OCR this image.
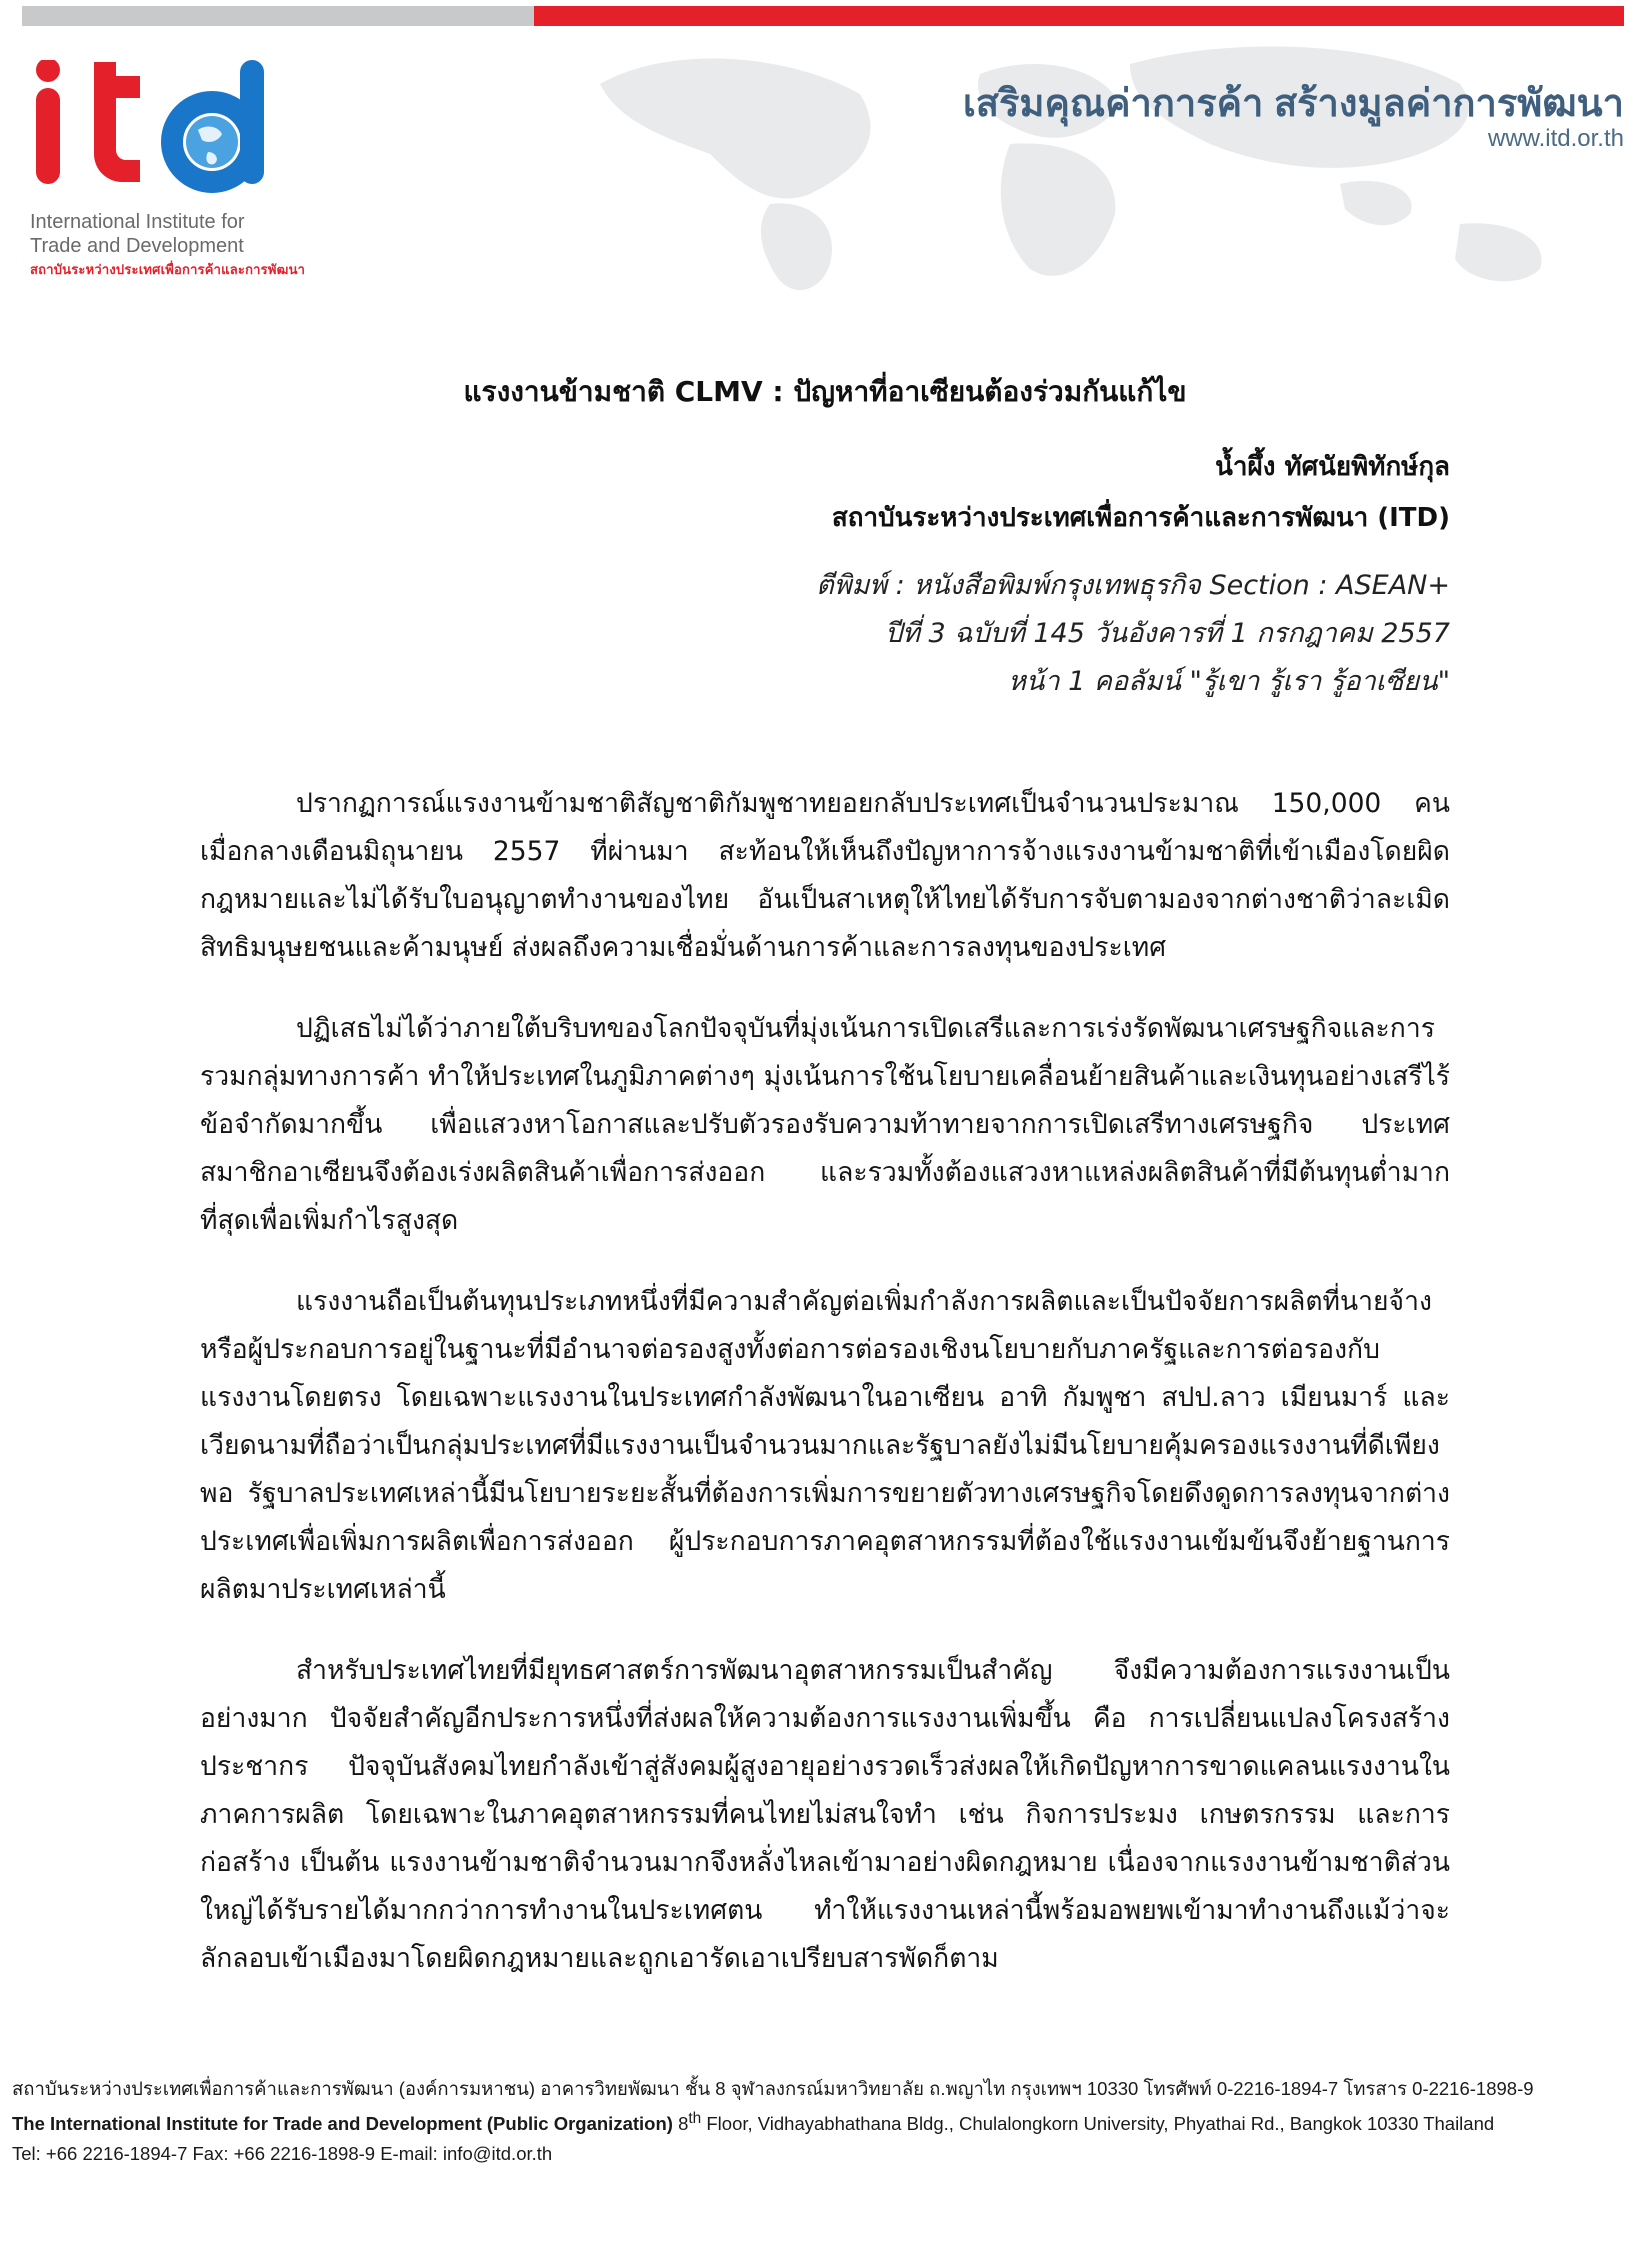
International Institute for
Trade and Development
สถาบันระหว่างประเทศเพื่อการค้าและการพัฒนา
เสริมคุณค่าการค้า สร้างมูลค่าการพัฒนา
www.itd.or.th
แรงงานข้ามชาติ CLMV : ปัญหาที่อาเซียนต้องร่วมกันแก้ไข
น้ำผึ้ง ทัศนัยพิทักษ์กุล
สถาบันระหว่างประเทศเพื่อการค้าและการพัฒนา (ITD)
ตีพิมพ์ : หนังสือพิมพ์กรุงเทพธุรกิจ Section : ASEAN+
ปีที่ 3 ฉบับที่ 145 วันอังคารที่ 1 กรกฎาคม 2557
หน้า 1 คอลัมน์ "รู้เขา รู้เรา รู้อาเซียน"

ปรากฏการณ์แรงงานข้ามชาติสัญชาติกัมพูชาทยอยกลับประเทศเป็นจำนวนประมาณ 150,000 คน เมื่อกลางเดือนมิถุนายน 2557 ที่ผ่านมา สะท้อนให้เห็นถึงปัญหาการจ้างแรงงานข้ามชาติที่เข้าเมืองโดยผิดกฎหมายและไม่ได้รับใบอนุญาตทำงานของไทย อันเป็นสาเหตุให้ไทยได้รับการจับตามองจากต่างชาติว่าละเมิดสิทธิมนุษยชนและค้ามนุษย์ ส่งผลถึงความเชื่อมั่นด้านการค้าและการลงทุนของประเทศ

ปฏิเสธไม่ได้ว่าภายใต้บริบทของโลกปัจจุบันที่มุ่งเน้นการเปิดเสรีและการเร่งรัดพัฒนาเศรษฐกิจและการรวมกลุ่มทางการค้า ทำให้ประเทศในภูมิภาคต่างๆ มุ่งเน้นการใช้นโยบายเคลื่อนย้ายสินค้าและเงินทุนอย่างเสรีไร้ข้อจำกัดมากขึ้น เพื่อแสวงหาโอกาสและปรับตัวรองรับความท้าทายจากการเปิดเสรีทางเศรษฐกิจ ประเทศสมาชิกอาเซียนจึงต้องเร่งผลิตสินค้าเพื่อการส่งออก และรวมทั้งต้องแสวงหาแหล่งผลิตสินค้าที่มีต้นทุนต่ำมากที่สุดเพื่อเพิ่มกำไรสูงสุด

แรงงานถือเป็นต้นทุนประเภทหนึ่งที่มีความสำคัญต่อเพิ่มกำลังการผลิตและเป็นปัจจัยการผลิตที่นายจ้างหรือผู้ประกอบการอยู่ในฐานะที่มีอำนาจต่อรองสูงทั้งต่อการต่อรองเชิงนโยบายกับภาครัฐและการต่อรองกับแรงงานโดยตรง โดยเฉพาะแรงงานในประเทศกำลังพัฒนาในอาเซียน อาทิ กัมพูชา สปป.ลาว เมียนมาร์ และเวียดนามที่ถือว่าเป็นกลุ่มประเทศที่มีแรงงานเป็นจำนวนมากและรัฐบาลยังไม่มีนโยบายคุ้มครองแรงงานที่ดีเพียงพอ รัฐบาลประเทศเหล่านี้มีนโยบายระยะสั้นที่ต้องการเพิ่มการขยายตัวทางเศรษฐกิจโดยดึงดูดการลงทุนจากต่างประเทศเพื่อเพิ่มการผลิตเพื่อการส่งออก ผู้ประกอบการภาคอุตสาหกรรมที่ต้องใช้แรงงานเข้มข้นจึงย้ายฐานการผลิตมาประเทศเหล่านี้

สำหรับประเทศไทยที่มียุทธศาสตร์การพัฒนาอุตสาหกรรมเป็นสำคัญ จึงมีความต้องการแรงงานเป็นอย่างมาก ปัจจัยสำคัญอีกประการหนึ่งที่ส่งผลให้ความต้องการแรงงานเพิ่มขึ้น คือ การเปลี่ยนแปลงโครงสร้างประชากร ปัจจุบันสังคมไทยกำลังเข้าสู่สังคมผู้สูงอายุอย่างรวดเร็วส่งผลให้เกิดปัญหาการขาดแคลนแรงงานในภาคการผลิต โดยเฉพาะในภาคอุตสาหกรรมที่คนไทยไม่สนใจทำ เช่น กิจการประมง เกษตรกรรม และการก่อสร้าง เป็นต้น แรงงานข้ามชาติจำนวนมากจึงหลั่งไหลเข้ามาอย่างผิดกฎหมาย เนื่องจากแรงงานข้ามชาติส่วนใหญ่ได้รับรายได้มากกว่าการทำงานในประเทศตน ทำให้แรงงานเหล่านี้พร้อมอพยพเข้ามาทำงานถึงแม้ว่าจะลักลอบเข้าเมืองมาโดยผิดกฎหมายและถูกเอารัดเอาเปรียบสารพัดก็ตาม

สถาบันระหว่างประเทศเพื่อการค้าและการพัฒนา (องค์การมหาชน) อาคารวิทยพัฒนา ชั้น 8 จุฬาลงกรณ์มหาวิทยาลัย ถ.พญาไท กรุงเทพฯ 10330 โทรศัพท์ 0-2216-1894-7 โทรสาร 0-2216-1898-9
The International Institute for Trade and Development (Public Organization) 8th Floor, Vidhayabhathana Bldg., Chulalongkorn University, Phyathai Rd., Bangkok 10330 Thailand
Tel: +66 2216-1894-7 Fax: +66 2216-1898-9 E-mail: info@itd.or.th
